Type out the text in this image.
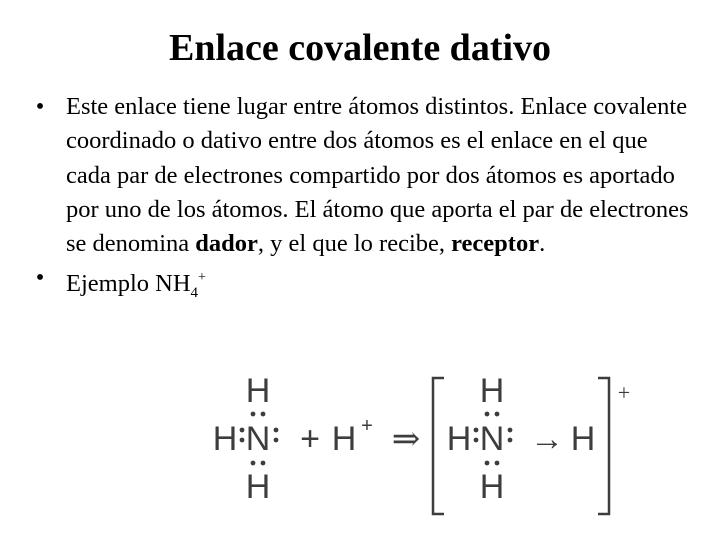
Enlace covalente dativo
• Este enlace tiene lugar entre átomos distintos. Enlace covalente coordinado o dativo entre dos átomos es el enlace en el que cada par de electrones compartido por dos átomos es aportado por uno de los átomos. El átomo que aporta el par de electrones se denomina dador, y el que lo recibe, receptor.
• Ejemplo $NH_4^+$
H
H N
H
+ H + ⇒
+
H
H N
H
→ H
